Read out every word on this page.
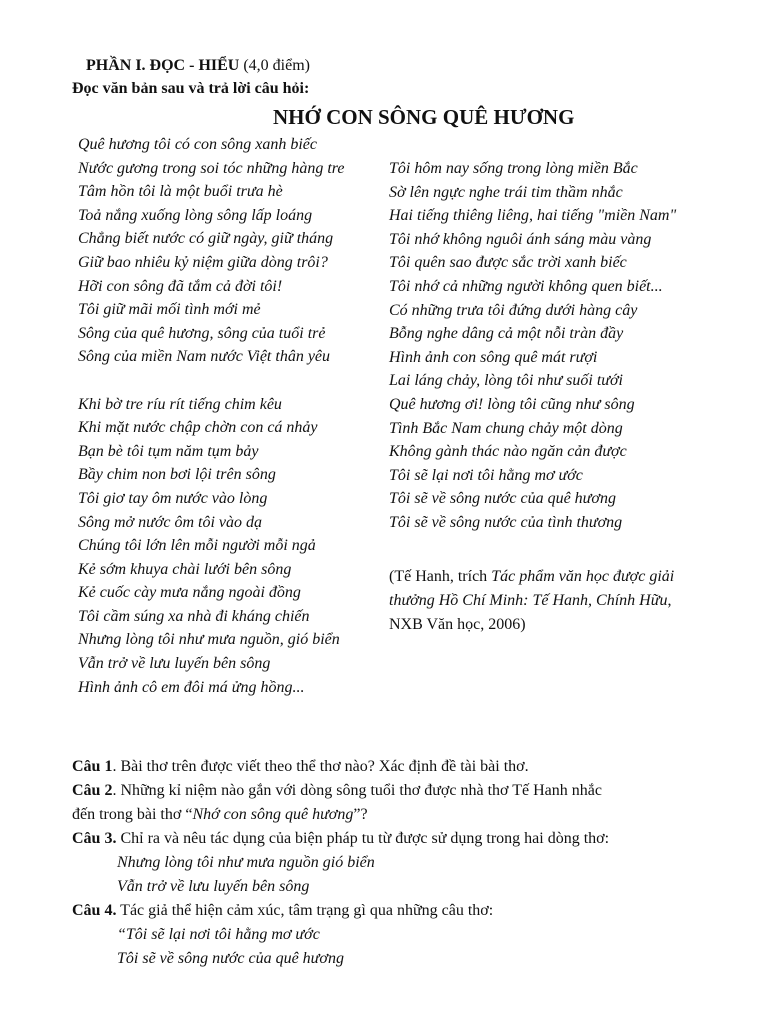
PHẦN I. ĐỌC - HIỂU (4,0 điểm)
Đọc văn bản sau và trả lời câu hỏi:
NHỚ CON SÔNG QUÊ HƯƠNG
Quê hương tôi có con sông xanh biếc
Nước gương trong soi tóc những hàng tre
Tâm hồn tôi là một buổi trưa hè
Toả nắng xuống lòng sông lấp loáng
Chẳng biết nước có giữ ngày, giữ tháng
Giữ bao nhiêu kỷ niệm giữa dòng trôi?
Hỡi con sông đã tắm cả đời tôi!
Tôi giữ mãi mối tình mới mẻ
Sông của quê hương, sông của tuổi trẻ
Sông của miền Nam nước Việt thân yêu
Khi bờ tre ríu rít tiếng chim kêu
Khi mặt nước chập chờn con cá nhảy
Bạn bè tôi tụm năm tụm bảy
Bầy chim non bơi lội trên sông
Tôi giơ tay ôm nước vào lòng
Sông mở nước ôm tôi vào dạ
Chúng tôi lớn lên mỗi người mỗi ngả
Kẻ sớm khuya chài lưới bên sông
Kẻ cuốc cày mưa nắng ngoài đồng
Tôi cầm súng xa nhà đi kháng chiến
Nhưng lòng tôi như mưa nguồn, gió biển
Vẫn trở về lưu luyến bên sông
Hình ảnh cô em đôi má ửng hồng...
Tôi hôm nay sống trong lòng miền Bắc
Sờ lên ngực nghe trái tim thầm nhắc
Hai tiếng thiêng liêng, hai tiếng "miền Nam"
Tôi nhớ không nguôi ánh sáng màu vàng
Tôi quên sao được sắc trời xanh biếc
Tôi nhớ cả những người không quen biết...
Có những trưa tôi đứng dưới hàng cây
Bỗng nghe dâng cả một nỗi tràn đầy
Hình ảnh con sông quê mát rượi
Lai láng chảy, lòng tôi như suối tưới
Quê hương ơi! lòng tôi cũng như sông
Tình Bắc Nam chung chảy một dòng
Không gành thác nào ngăn cản được
Tôi sẽ lại nơi tôi hằng mơ ước
Tôi sẽ về sông nước của quê hương
Tôi sẽ về sông nước của tình thương
(Tế Hanh, trích Tác phẩm văn học được giải
thưởng Hồ Chí Minh: Tế Hanh, Chính Hữu,
NXB Văn học, 2006)
Câu 1. Bài thơ trên được viết theo thể thơ nào? Xác định đề tài bài thơ.
Câu 2. Những kỉ niệm nào gắn với dòng sông tuổi thơ được nhà thơ Tế Hanh nhắc
đến trong bài thơ “Nhớ con sông quê hương”?
Câu 3. Chỉ ra và nêu tác dụng của biện pháp tu từ được sử dụng trong hai dòng thơ:
Nhưng lòng tôi như mưa nguồn gió biển
Vẫn trở về lưu luyến bên sông
Câu 4. Tác giả thể hiện cảm xúc, tâm trạng gì qua những câu thơ:
“Tôi sẽ lại nơi tôi hằng mơ ước
Tôi sẽ về sông nước của quê hương
